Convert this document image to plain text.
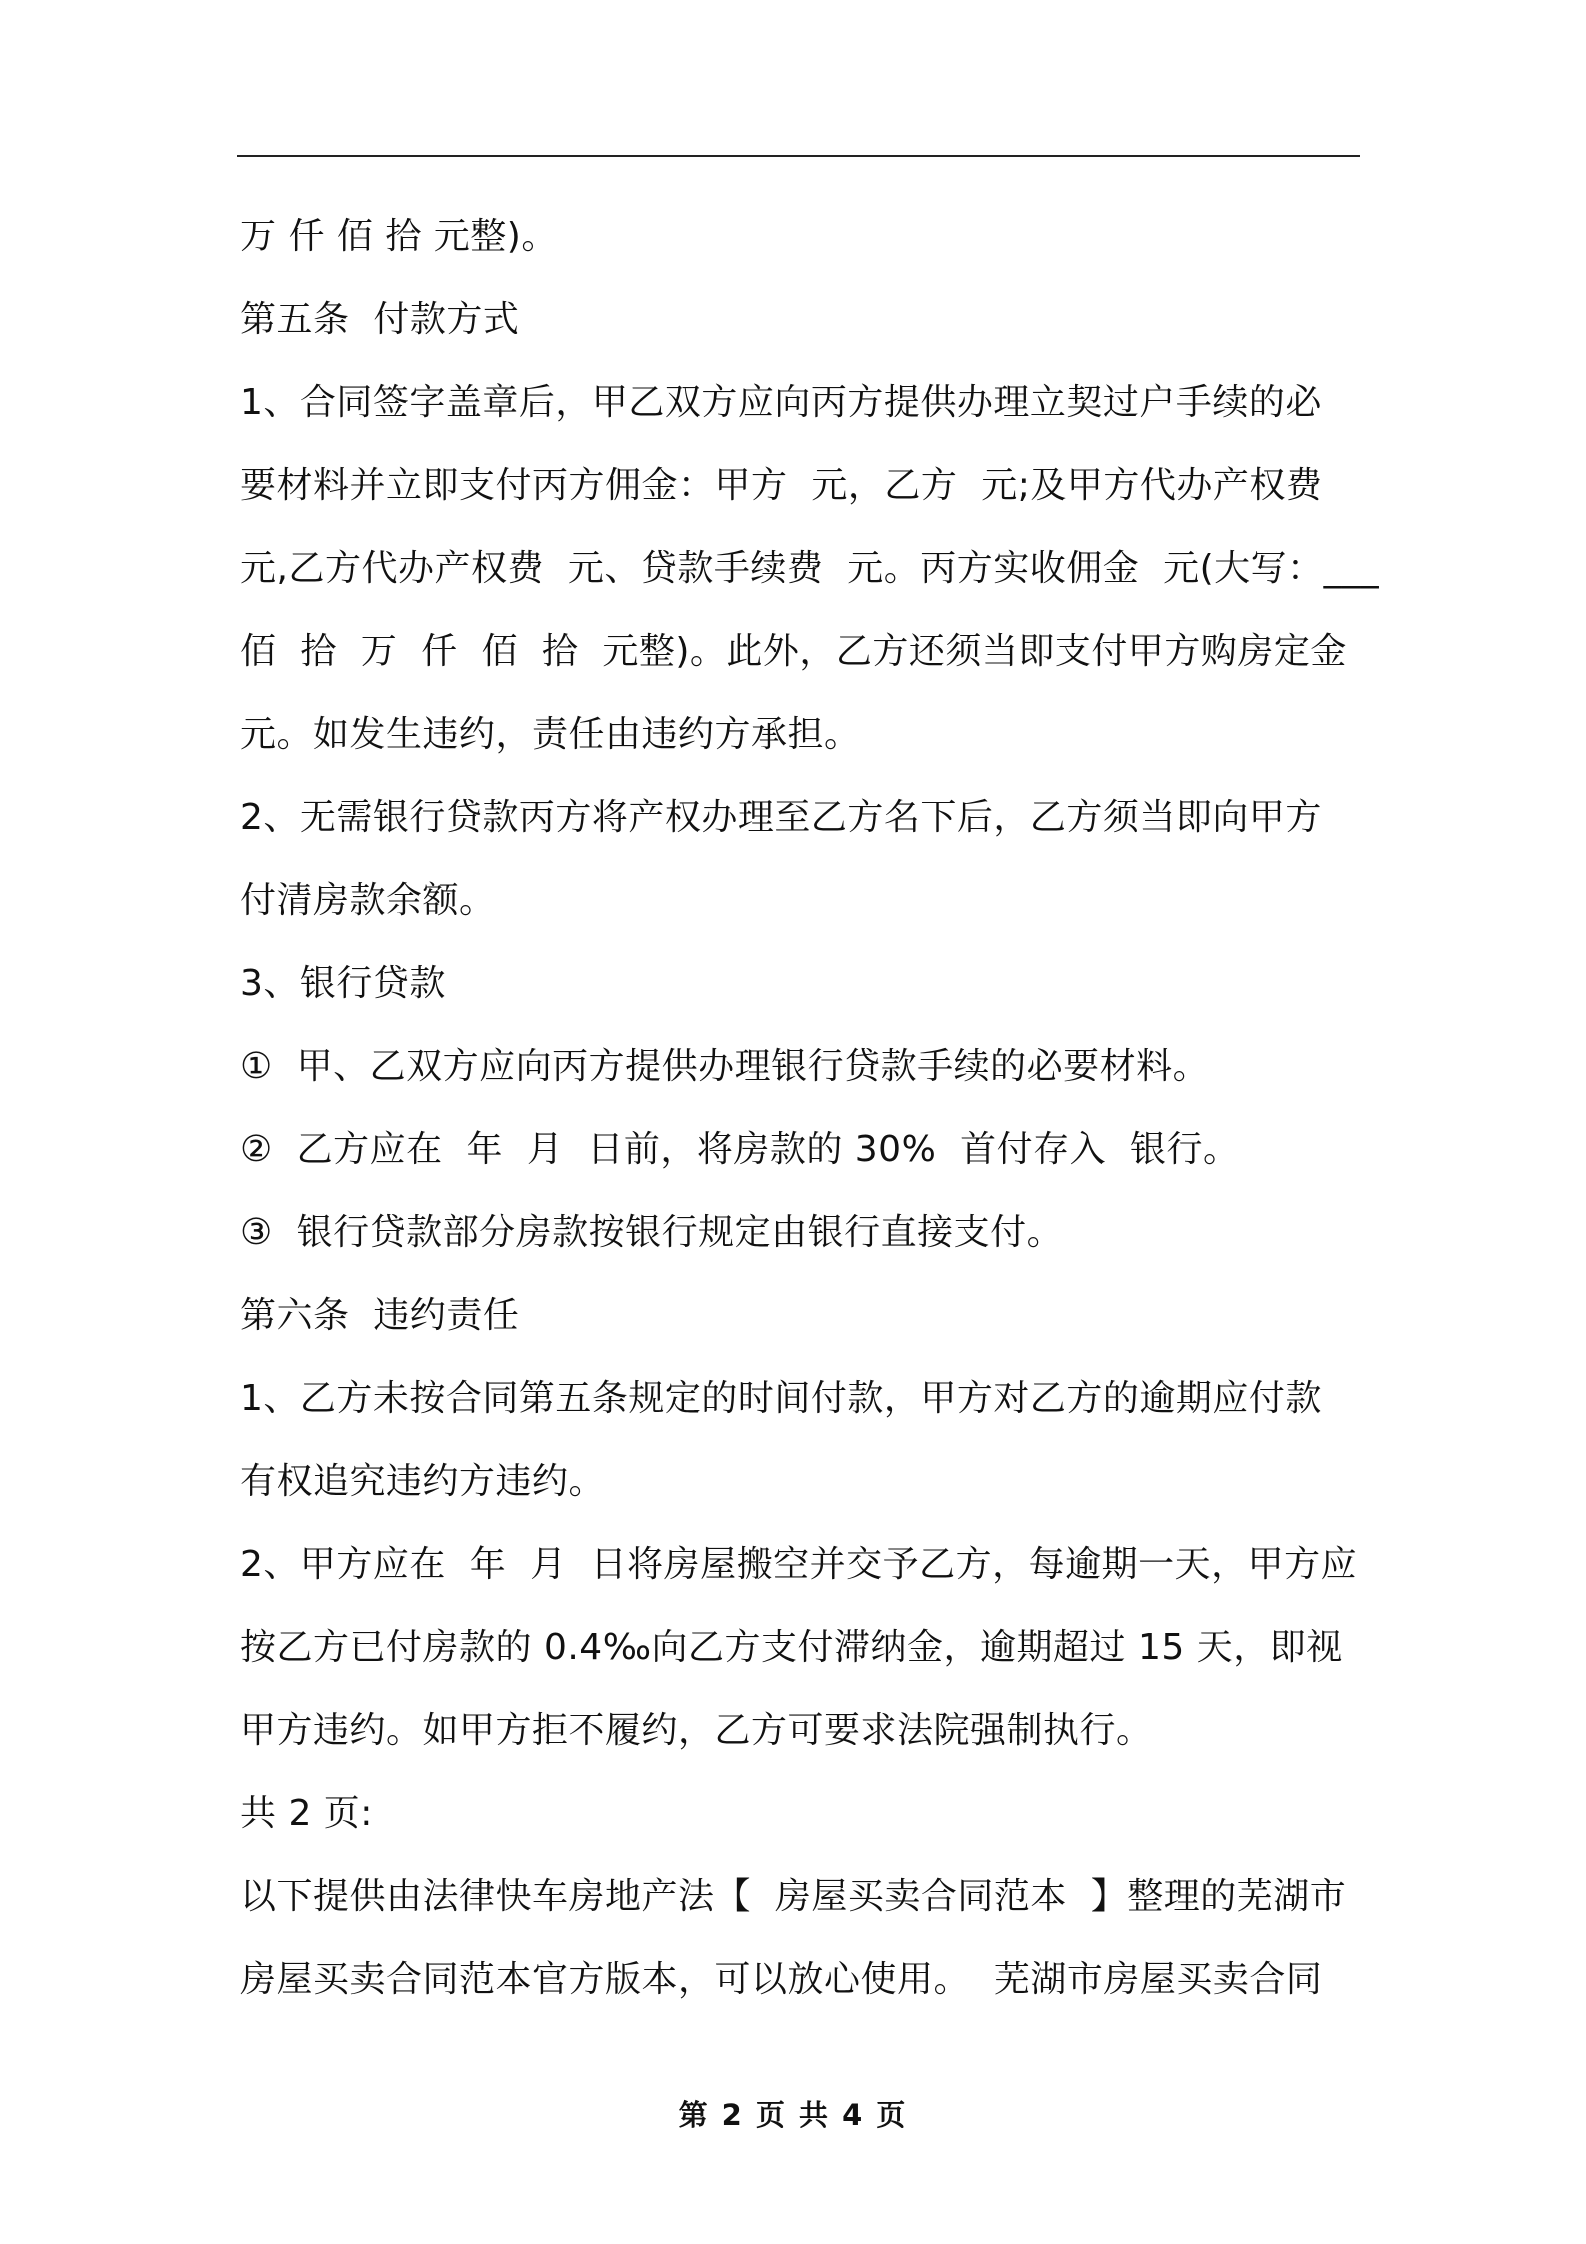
万 仟 佰 拾 元整)。
第五条  付款方式
1、合同签字盖章后，甲乙双方应向丙方提供办理立契过户手续的必
要材料并立即支付丙方佣金：甲方  元，乙方  元;及甲方代办产权费
元,乙方代办产权费  元、贷款手续费  元。丙方实收佣金  元(大写：___
佰  拾  万  仟  佰  拾  元整)。此外，乙方还须当即支付甲方购房定金
元。如发生违约，责任由违约方承担。
2、无需银行贷款丙方将产权办理至乙方名下后，乙方须当即向甲方
付清房款余额。
3、银行贷款
①  甲、乙双方应向丙方提供办理银行贷款手续的必要材料。
②  乙方应在  年  月  日前，将房款的 30%  首付存入  银行。
③  银行贷款部分房款按银行规定由银行直接支付。
第六条  违约责任
1、乙方未按合同第五条规定的时间付款，甲方对乙方的逾期应付款
有权追究违约方违约。
2、甲方应在  年  月  日将房屋搬空并交予乙方，每逾期一天，甲方应
按乙方已付房款的 0.4‰向乙方支付滞纳金，逾期超过 15 天，即视
甲方违约。如甲方拒不履约，乙方可要求法院强制执行。
共 2 页:
以下提供由法律快车房地产法【  房屋买卖合同范本  】整理的芜湖市
房屋买卖合同范本官方版本，可以放心使用。  芜湖市房屋买卖合同
第 2 页 共 4 页
